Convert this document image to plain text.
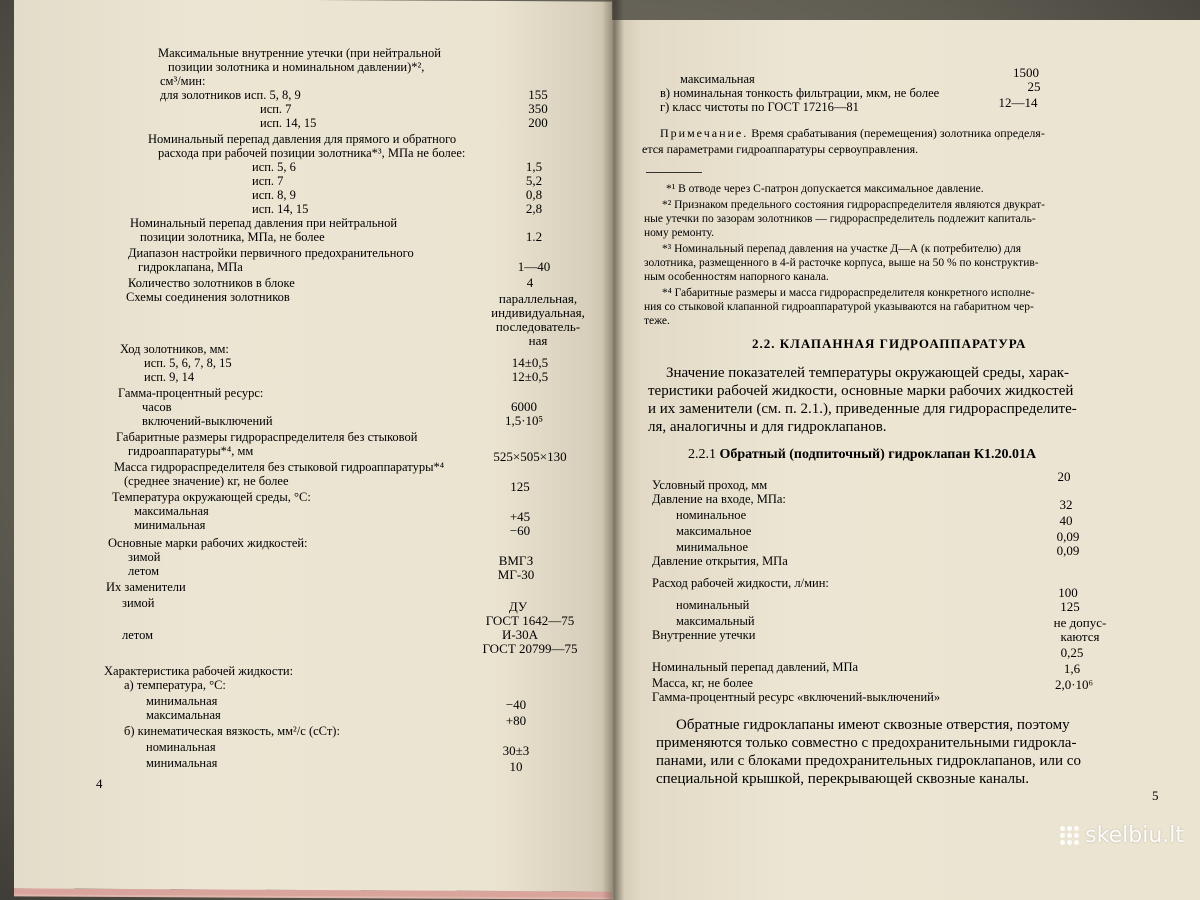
Максимальные внутренние утечки (при нейтральной
позиции золотника и номинальном давлении)*²,
см³/мин:
для золотников исп. 5, 8, 9
исп. 7
исп. 14, 15
Номинальный перепад давления для прямого и обратного
расхода при рабочей позиции золотника*³, МПа не более:
исп. 5, 6
исп. 7
исп. 8, 9
исп. 14, 15
Номинальный перепад давления при нейтральной
позиции золотника, МПа, не более
Диапазон настройки первичного предохранительного
гидроклапана, МПа
Количество золотников в блоке
Схемы соединения золотников
Ход золотников, мм:
исп. 5, 6, 7, 8, 15
исп. 9, 14
Гамма-процентный ресурс:
часов
включений-выключений
Габаритные размеры гидрораспределителя без стыковой
гидроаппаратуры*⁴, мм
Масса гидрораспределителя без стыковой гидроаппаратуры*⁴
(среднее значение) кг, не более
Температура окружающей среды, °С:
максимальная
минимальная
Основные марки рабочих жидкостей:
зимой
летом
Их заменители
зимой
летом
Характеристика рабочей жидкости:
а) температура, °С:
минимальная
максимальная
б) кинематическая вязкость, мм²/с (сСт):
номинальная
минимальная
155
350
200
1,5
5,2
0,8
2,8
1.2
1—40
4
параллельная,
индивидуальная,
последователь-
ная
14±0,5
12±0,5
6000
1,5·10⁵
525×505×130
125
+45
−60
ВМГЗ
МГ-30
ДУ
ГОСТ 1642—75
И-30А
ГОСТ 20799—75
−40
+80
30±3
10
максимальная
в) номинальная тонкость фильтрации, мкм, не более
г) класс чистоты по ГОСТ 17216—81
1500
25
12—14
*¹ В отводе через С-патрон допускается максимальное давление.
*² Признаком предельного состояния гидрораспределителя являются двукрат-
ные утечки по зазорам золотников — гидрораспределитель подлежит капиталь-
ному ремонту.
*³ Номинальный перепад давления на участке Д—А (к потребителю) для
золотника, размещенного в 4-й расточке корпуса, выше на 50 % по конструктив-
ным особенностям напорного канала.
*⁴ Габаритные размеры и масса гидрораспределителя конкретного исполне-
ния со стыковой клапанной гидроаппаратурой указываются на габаритном чер-
теже.
Значение показателей температуры окружающей среды, харак-
теристики рабочей жидкости, основные марки рабочих жидкостей
и их заменители (см. п. 2.1.), приведенные для гидрораспределите-
ля, аналогичны и для гидроклапанов.
Условный проход, мм
Давление на входе, МПа:
номинальное
максимальное
минимальное
Давление открытия, МПа
Расход рабочей жидкости, л/мин:
номинальный
максимальный
Внутренние утечки
Номинальный перепад давлений, МПа
Масса, кг, не более
Гамма-процентный ресурс «включений-выключений»
20
32
40
0,09
0,09
100
125
не допус-
каются
0,25
1,6
2,0·10⁶
Обратные гидроклапаны имеют сквозные отверстия, поэтому
применяются только совместно с предохранительными гидрокла-
панами, или с блоками предохранительных гидроклапанов, или со
специальной крышкой, перекрывающей сквозные каналы.
4
5
Примечание. Время срабатывания (перемещения) золотника определя-
ется параметрами гидроаппаратуры сервоуправления.
2.2. КЛАПАННАЯ ГИДРОАППАРАТУРА
2.2.1 Обратный (подпиточный) гидроклапан К1.20.01А
skelbiu.lt
